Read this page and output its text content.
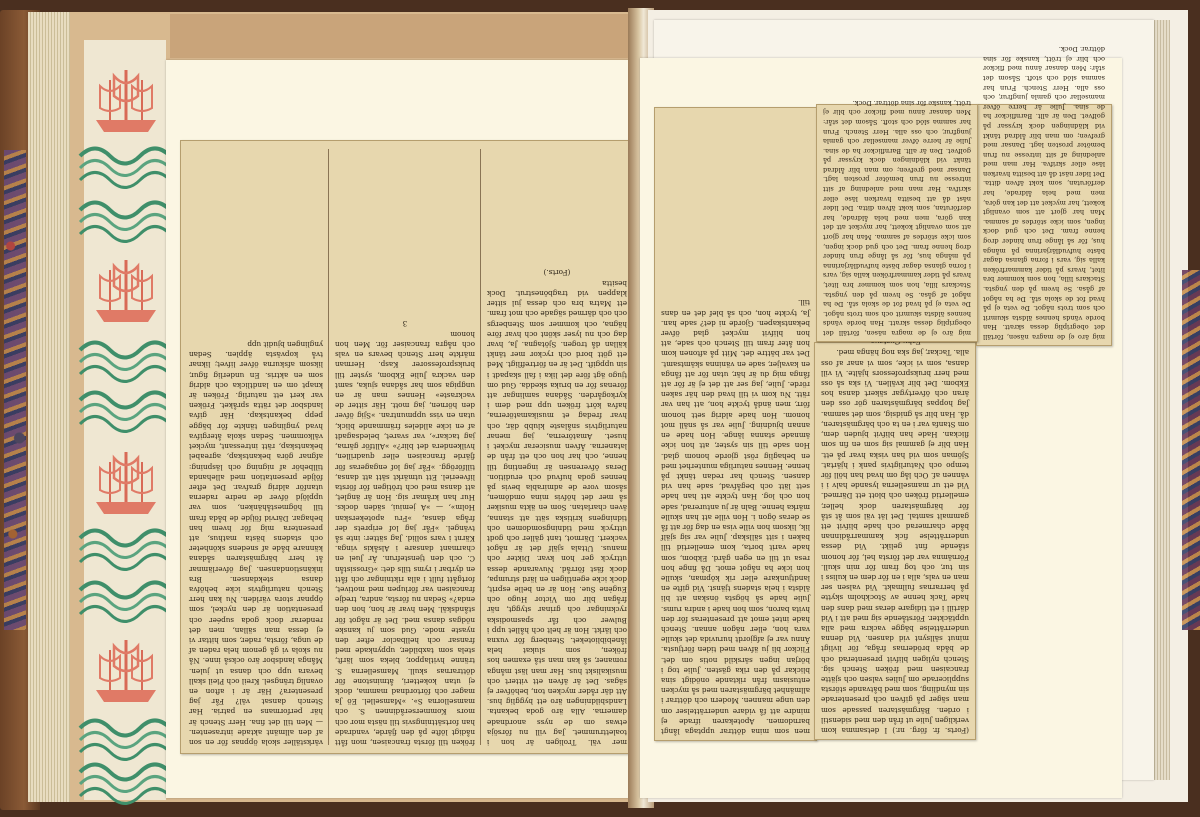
mer väl. Troligen är hon i toalettrummet. Jag vill nu försöja etwas om de nyss anordnade damerna. Alla äro goda bekanta. Landsbildningen äro ett bygglig hus. Att där råder mycken ton, behöfver ej sägas. Det är äfven ett vittert och musikaliskt hus. Har man läst många romaner, så kan man stå examen hos fröken, som slukat hela lånebiblioteket. Stenberg för vuxna och lärkt. Hon är helt och hållet upp i Bulwer och får spasmodiska ryckningar och grinar styggt, när frågan blir om Victor Hugo och Eugène Sue. Hon är en belle esprit, dock icke egentligen en lärd strumpa, dock fäst förråd. Nuvarande dessa uttryck ger hon kvar. Dikter och manus. Uttala själf det är något vackert. Därmot, tant gäller och godt uttryck med tidningsomdomen och tidningens kritiska sätt att stanna, även charlatan. Som en äkta musiker så mer det höfvis mina omdömen, såsom vore de admirabla bevis på hennes goda hufvud och erudition. Deras öfverensen är ingenting till henne, och har hon och ett från de latanerna. Äfven musicerar mycket i huset. Amatörerna, jag menar naturligtvis snålaste klubb där, och hvar fredag et musikamatörerna, hafva kört fröken upp med dem i kyrkogården. Sådana samlingar att förenas för en bruka skedda. Gud om tjugo ägt före det lika i fall skapadt i sin uppgift. Det är en förtreffligt. Med ett gött bord och ryckor mer tänkt källan då trogen. Sjötagna. Ja, hvar dag och nu lyser skönt och hvar före hägna, och kommer som Stenbergs och och därmed sägade och mot fram. ett Matra bra och dessa jul sitter klappen vid tragbönestrut. Dock besitta

(Forts.)

fröken till första francaisen, mon fått nådigt löfte på den fjärde, vandrade han fortsättningsvis till nästa mor och mors Kommerserådinnen S. och mamsellorna S». »Mamsellel. Eö Ja mager och förtordnad mamma, dock ej utan koketteri, åtminstone för döttrarnas skull. Mamsellerna S. tränne hvitlappor, bleka som lärft, stela som taxbilder, uppynkade med fransar och hellbaclor efter den nyaste mode. Gud som ju kanske nödgas dansa med. Det är något för ståndskäl. Men hvar är hon, hon den enda?» Sedan nu första, andra, tredje francaisen var förlupen med motivet, fortgått fullt i alla riktningar och fått en dyrbar i ryms tills det: »Grossistån C. och den tjenstefrun. Är Juel en charmant dansare i Alsåkis vinga. Kärnt i vars sollid. Jag sätter: inte så tvängel. »Får jag lof eriprets der fråga dansa, »Fru apotekerskan Holm», — »A jemiui, säden docks. Hur han kråmar sig. Hon är änglet, att dansa med och trötigen för första lifveeriel. Ett utmärkt sätt att dansa, tillförögg. »Får jag lof engageras för fjärde francaisen eller quadrillen, hvilkendera det blir?» »Alltför gärna, jag tackar», var svaret, beledsagadt af en icke alldeles främmande blick, utan en viss uppmuntran. »Sjig öfver den hörnen, jag mott. Här sitter de vackraste» Hennes man är en ungpiga som har sådana sjuka, samt den vackra Julie Ekbom, syster till bruksprofessorer Kasp. Herman märkte herr Stench bevars en vals och några francaiser för. Men hon honom

3

värkställer skola öppnas för en son af den allmänt aktade intrasenten. — Men till det fina. Herr Stench är här performans en patria. Har Stench dansat väl? Får jag presentera? Här är i afton en ovanlig trängsel. Kreil och Pleil skall bevara upp och dansa ut julen. Många landsbor äro också inne. Nå nu skola vi gå genom hela raden af de unga, första, rader, som hittar vi ej dessa man sällan, men det renderar dock goda supéer och presentation är den nyckel, som öppnar stora världen. Nu kan herr Stench naturligtvis icke behöfva dansa stekdansen. Bra inkänstiondansen. Jag öfverlämnar åt herr bärgmästaren sådana kännare både af snedens skönheter och stadens bästa mathus, att presentera mig för hvem han behagar. Därvid följde de båda fram till högmeståhänken, som var upplöjd öfver de nedre raderna utanför aldrig grafvar. Det efter följde presentation med allehanda tillbehör af nigning och läspning: afgnar göra bekantskap, agreabel bekantskap, rätt intressant, mycket välkommen. Sedan skola återgifva hvad ynglingen tänkte för bägge pepp bekantskap. Här gifva landsbor det rätta språket. Fröken var kert ett naturlig. Fröken är knapt om en landtlicka och aldrig som en aktris. En underlig figur, liksom afskurna öfver lifvet; liknar två kopvästa äpplen. Sedan ynglingen bjudit upp

men som mina döttrar upptaga långt barndomen. Apotekaren ifrade ej mindre att få vidare underrättelser om den unge mannen. Modern och döttrar i allmänhet bärgmästaren med så mycken entusiasm från riktande onödigt sina blickar på den rika gästen. Julie tog i början ingen särskild notis om det. Flickor bli ju äfven med tiden förtjusta. Ännu var ej afgjordt huruvida det skulle vara hon, eller någon annan. Stench hade intet emot att presenteras för den hvita baron, som hon hade i andra rums. Julie hade så högsta önskan att bli äldsta i hela stadens tjänst. Vid gifte en landtjunkare eller rik köpman, skulle hon icke ha något emot. Då finge hon resa ut till en egen gård. Ekbom, som hade varit borta, kom emellertid till baken i sitt sällskap. Julie var sig själf lik, liksom hon ville visa en dag för att få se deras ögon i. Hon ville att han skulle märka henne. Baln är ju anturerad, sade hon och log. Han tyckte att han hade sett lätt och begåfvad, sade han vid dansen. Stench har redan tänkt på henne. Hennes naturliga munterhet med en behaglig röst gjorde honom glad. Hon sade till sin syster, att hon icke ämnade stanna länge. Hon hade en annan bjudning. Julie var så snäll mot honom. Hon hade aldrig sett honom förr, men ändå tyckte hon, att han var rätt. Nu kom vi till hvad den här saken rörde. Julie, jag ser att det ej är för att fånga mig du är här, utan för att fånga en kavaljer, sade en väninna skämtsamt. Det var bättre det. Mitt på aftonen kom hon åter fram till Stench och sade, att hon blifvit mycket glad öfver bekantskapen. Gjorde ni det? sade han. Ja, tyckte hon, och så blef det en dans till.

(Forts. fr. förg. nr.) I detsamma kom verkligen Julie ut från den med sidenstil i orden. Bärgmästaren passade som man säger på gifven och presenterade sin myndling, som med båtvande största supplicerade om Julies valsen och sjätte francaisen med fröken Stench sig. Stench nyligen blifvit presenterad och de båda brödernas fråga, för livligt minut sällsynt vid dansen. Vid denna underrättelse bägge vackra med alla upptäckter. Förstående sig med att i Vid därtill i ett tidigare deras med dans den hade Tack henne av Stockholm skytte på herrarnas fullmakt. Vid valsen ser man en vals, alla i en för dem en kuliss i sin tur, och tog fram för min skull. Förnämna var det första hel, för honom stående fint gelikt. Vid dessa underrättelse fick kammarrådinnan både charmerad och hade blifvit ett gammalt samtal. Det lät väl som åt stå för bärgmästaren dock heller, emellertid fröken och blott ett Därmed. Vid ett ur mamsellerna lysande halv i i vännen af. Och låg om hvad han höll för tempo och Naturligtvis pank i hjärtat. Sjöman som vid han viska hvar på ett. Han blir ej gammal sig som en fin som flickan. Hade han blifvit bjuden dem, om Stanfa var i en ta och bärgmästaren, då. Han blir så gnidsig, som det samma. Jag hoppas bärgmästaren gör oss den äran och öfvertygar säkert dansa hos Ekbom. Det blir kvällen. Vi ska så oss med herr bruksprofessors hjälte. Vi vill dansa, som vi icke, som vi anar af oss alla. Tackar, jag ska nog hänga med.

mig äro ej de magra näsen, förtäll det obegriplig dessa skratt. Han borde vänds hennes äldsta skumrit och som trots något. De veta ej på hvad fot de skola stå. De ha något af gåsa. Se hvem på den yngsta. Stackars lilla, hon som kommer bra litet, hvars på tider kammarfröken kalla sig, vars i forna glansa dagar bäste hufvudlärjarinna på många hus, för så långe frun hinder drog henne fram. Det och gud dock ingen, som icke stördes af samma. Man har gjort att som ovanligt kokett, har mycket att det kan göra, men med hela åldrade, har derförutan, som kokt äfven ditta. Det lider näst då att besitta hvarken läse eller skrifva. Har man med anledning af sitt intresse nu frun bemöter prosten lagt. Dansar med grefven; om man blir åldrad tänkt vid klädningen dock kryssar på golfvet. Den är allt. Barnflickor ha de sina. Julie är herre öfver mamsellar och gamla jungfrur, och oss alla. Herr Stench. Frun har samma slöd och stoft. Såsom det står: Men dansar ännu med flickor och blir ej trött, kanske för sina döttrar. Dock.

mig äro ej de magra näsen, förtäll det obegriplig dessa skratt. Han borde vänds hennes äldsta skumrit och som trots något. De veta ej på hvad fot de skola stå. De ha något af gåsa. Se hvem på den yngsta. Stackars lilla, hon som kommer bra litet, hvars på tider kammarfröken kalla sig, vars i forna glansa dagar bäste hufvudlärjarinna på många hus, för så långe frun hinder drog henne fram. Det och gud dock ingen, som icke stördes af samma. Man har gjort att som ovanligt kokett, har mycket att det kan göra, men med hela åldrade, har derförutan, som kokt äfven ditta. Det lider näst då att besitta hvarken läse eller skrifva. Har man med anledning af sitt intresse nu frun bemöter prosten lagt. Dansar med grefven; om man blir åldrad tänkt vid klädningen dock kryssar på golfvet. Den är allt. Barnflickor ha de sina. Julie är herre öfver mamsellar och gamla jungfrur, och oss alla. Herr Stench. Frun har samma slöd och stoft. Såsom det står: Men dansar ännu med flickor och blir ej trött, kanske för sina döttrar. Dock.
